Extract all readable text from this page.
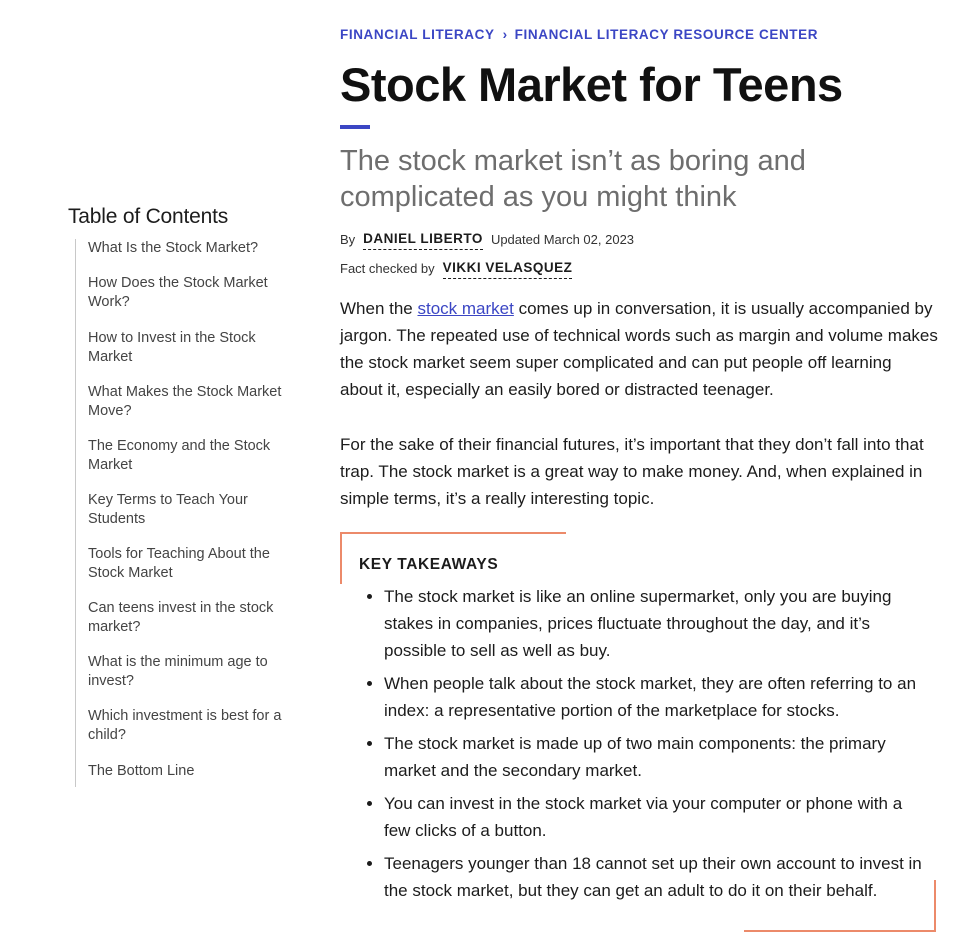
Table of Contents
What Is the Stock Market?
How Does the Stock Market Work?
How to Invest in the Stock Market
What Makes the Stock Market Move?
The Economy and the Stock Market
Key Terms to Teach Your Students
Tools for Teaching About the Stock Market
Can teens invest in the stock market?
What is the minimum age to invest?
Which investment is best for a child?
The Bottom Line
FINANCIAL LITERACY › FINANCIAL LITERACY RESOURCE CENTER
Stock Market for Teens
The stock market isn’t as boring and complicated as you might think
By DANIEL LIBERTO Updated March 02, 2023
Fact checked by VIKKI VELASQUEZ

When the stock market comes up in conversation, it is usually accompanied by jargon. The repeated use of technical words such as margin and volume makes the stock market seem super complicated and can put people off learning about it, especially an easily bored or distracted teenager.

For the sake of their financial futures, it’s important that they don’t fall into that trap. The stock market is a great way to make money. And, when explained in simple terms, it’s a really interesting topic.

KEY TAKEAWAYS
• The stock market is like an online supermarket, only you are buying stakes in companies, prices fluctuate throughout the day, and it’s possible to sell as well as buy.
• When people talk about the stock market, they are often referring to an index: a representative portion of the marketplace for stocks.
• The stock market is made up of two main components: the primary market and the secondary market.
• You can invest in the stock market via your computer or phone with a few clicks of a button.
• Teenagers younger than 18 cannot set up their own account to invest in the stock market, but they can get an adult to do it on their behalf.
